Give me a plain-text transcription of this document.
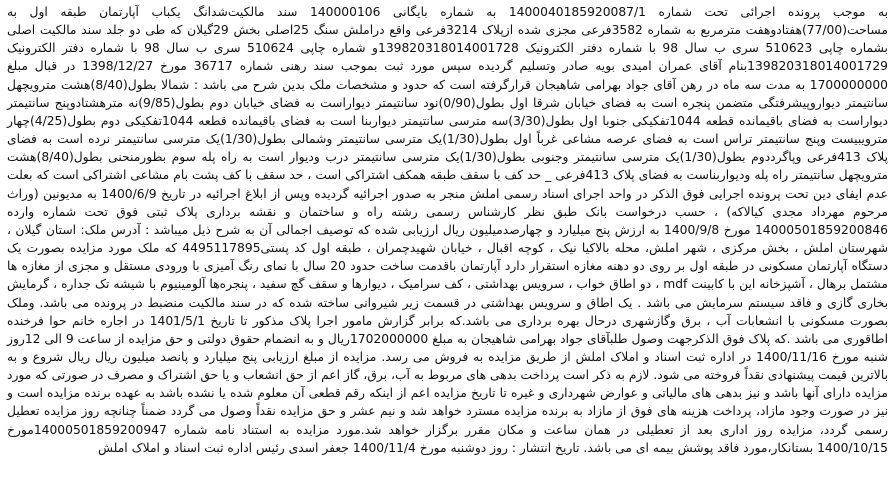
به موجب پرونده اجرائی تحت شماره 1400040185920087/1 به شماره بایگانی 140000106 سند مالکیت‌شدانگ یکباب آپارتمان طبقه اول به مساحت(77/00)هفتادوهفت مترمربع به شماره 3582فرعی مجزی شده ازپلاک 3214فرعی واقع دراملش سنگ 25اصلی بخش 29گیلان که طی دو جلد سند مالکیت اصلی بشماره چاپی 510623 سری ب سال 98 با شماره دفتر الکترونیک 139820318014001728و شماره چاپی 510624 سری ب سال 98 با شماره دفتر الکترونیک 139820318014001729بنام آقای عمران امیدی بویه صادر وتسلیم گردیده سپس مورد ثبت بموجب سند رهنی شماره 36717 مورخ 1398/12/27 در قبال مبلغ 1700000000 به مدت سه ماه در رهن آقای جواد بهرامی شاهیجان قرارگرفته است که حدود و مشخصات ملک بدین شرح می باشد : شمالا بطول(8/40)هشت مترویچهل سانتیمتر دیواروپیشرفتگی متضمن پنجره است به فضای خیابان شرقا اول بطول(0/90)نود سانتیمتر دیواراست به فضای خیابان دوم بطول(9/85)نه مترهشتادوپنج سانتیمتر دیواراست به فضای باقیمانده قطعه 1044تفکیکی جنوبا اول بطول(3/30)سه مترسی سانتیمتر دیواربنا است به فضای باقیمانده قطعه 1044تفکیکی دوم بطول(4/25)چهار مترویبیست وپنج سانتیمتر تراس است به فضای عرصه مشاعی غرباً اول بطول(1/30)یک مترسی سانتیمتر وشمالی بطول(1/30)یک مترسی سانتیمتر نرده است به فضای پلاک 413فرعی وپاگرددوم بطول(1/30)یک مترسی سانتیمتر وجنوبی بطول(1/30)یک مترسی سانتیمتر درب ودیوار است به راه پله سوم بطورمنحنی بطول(8/40)هشت مترویچهل سانتیمتر راه پله ودیواربناست به فضای پلاک 413فرعی _ حد کف با سقف طبقه همکف اشتراکی است ، حد سقف با کف پشت بام مشاعی اشتراکی است که بعلت عدم ایفای دین تحت پرونده اجرایی فوق الذکر در واحد اجرای اسناد رسمی املش منجر به صدور اجرائیه گردیده وپس از ابلاغ اجرائیه در تاریخ 1400/6/9 به مدیونین (وراث مرحوم مهرداد مجدی کیالاکه) ، حسب درخواست بانک طبق نظر کارشناس رسمی رشته راه و ساختمان و نقشه برداری پلاک ثبتی فوق تحت شماره وارده 14000501859200846 مورخ 1400/9/8 به ارزش پنج میلیارد و چهارصدمیلیون ریال ارزیابی شده که توصیف اجمالی آن به شرح ذیل میباشد : آدرس ملک: استان گیلان ، شهرستان املش ، بخش مرکزی ، شهر املش، محله بالاکیا نیک ، کوچه اقبال ، خیابان شهیدچمران ، طبقه اول کد پستی4495117895 که ملک مورد مزایده بصورت یک دستگاه آپارتمان مسکونی در طبقه اول بر روی دو دهنه مغازه استقرار دارد آپارتمان باقدمت ساخت حدود 20 سال با نمای رنگ آمیزی با ورودی مستقل و مجزی از مغازه ها مشتمل برهال ، آشپزخانه این با کابینت mdf ، دو اطاق خواب ، سرویس بهداشتی ، کف سرامیک ، دیوارها و سقف گچ سفید ، پنجره‌ها آلومینیوم با شیشه تک جداره ، گرمایش بخاری گازی و فاقد سیستم سرمایش می باشد . یک اطاق و سرویس بهداشتی در قسمت زیر شیروانی ساخته شده که در سند مالکیت منضبط در پرونده می باشد. وملک بصورت مسکونی با انشعابات آب ، برق وگازشهری درحال بهره برداری می باشد.که برابر گزارش مامور اجرا پلاک مذکور تا تاریخ 1401/5/1 در اجاره خانم حوا فرخنده اطاقوری می باشد .که پلاک فوق الذکرجهت وصول طلبآقای جواد بهرامی شاهیجان به مبلغ 1702000000ریال و به انضمام حقوق دولتی و حق مزایده از ساعت 9 الی 12روز شنبه مورخ 1400/11/16 در اداره ثبت اسناد و املاک املش از طریق مزایده به فروش می رسد. مزایده از مبلغ ارزیابی پنج میلیارد و پانصد میلیون ریال ریال شروع و به بالاترین قیمت پیشنهادی نقداً فروخته می شود. لازم به ذکر است پرداخت بدهی های مربوط به آب، برق، گاز اعم از حق انشعاب و یا حق اشتراک و مصرف در صورتی که مورد مزایده دارای آنها باشد و نیز بدهی های مالیاتی و عوارض شهرداری و غیره تا تاریخ مزایده اعم از اینکه رقم قطعی آن معلوم شده یا نشده باشد به عهده برنده مزایده است و نیز در صورت وجود مازاد، پرداخت هزینه های فوق از مازاد به برنده مزایده مسترد خواهد شد و نیم عشر و حق مزایده نقداً وصول می گردد ضمناً چنانچه روز مزایده تعطیل رسمی گردد، مزایده روز اداری بعد از تعطیلی در همان ساعت و مکان مقرر برگزار خواهد شد.مورد مزایده به استناد نامه شماره 14000501859200947مورخ 1400/10/15 بستانکار،مورد فاقد پوشش بیمه ای می باشد. تاریخ انتشار : روز دوشنبه مورخ 1400/11/4 جعفر اسدی رئیس اداره ثبت اسناد و املاک املش
